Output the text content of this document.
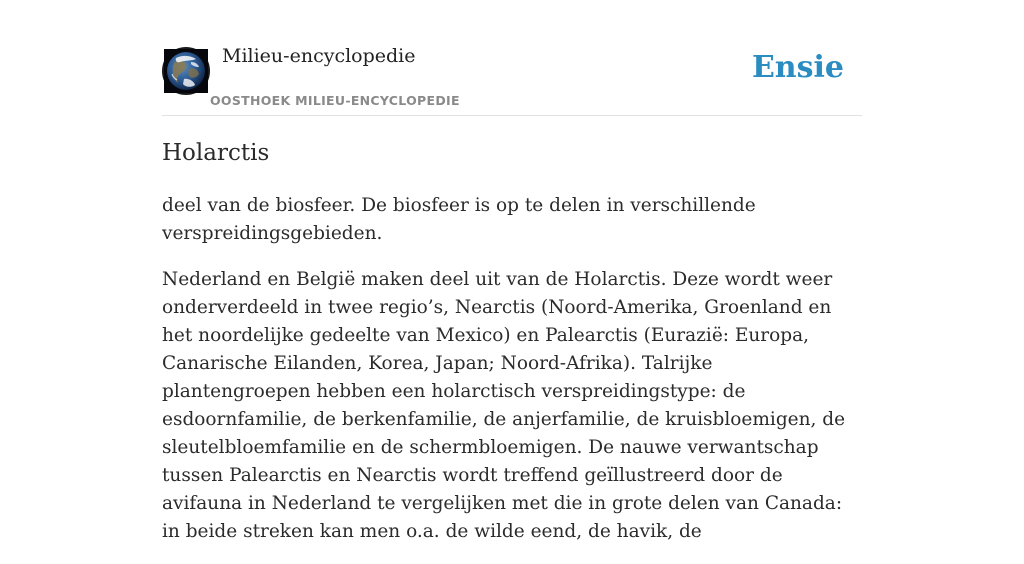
Milieu-encyclopedie
OOSTHOEK MILIEU-ENCYCLOPEDIE
Ensie
Holarctis

deel van de biosfeer. De biosfeer is op te delen in verschillende verspreidingsgebieden.

Nederland en België maken deel uit van de Holarctis. Deze wordt weer onderverdeeld in twee regio’s, Nearctis (Noord-Amerika, Groenland en het noordelijke gedeelte van Mexico) en Palearctis (Eurazië: Europa, Canarische Eilanden, Korea, Japan; Noord-Afrika). Talrijke plantengroepen hebben een holarctisch verspreidingstype: de esdoornfamilie, de berkenfamilie, de anjerfamilie, de kruisbloemigen, de sleutelbloemfamilie en de schermbloemigen. De nauwe verwantschap tussen Palearctis en Nearctis wordt treffend geïllustreerd door de avifauna in Nederland te vergelijken met die in grote delen van Canada: in beide streken kan men o.a. de wilde eend, de havik, de
